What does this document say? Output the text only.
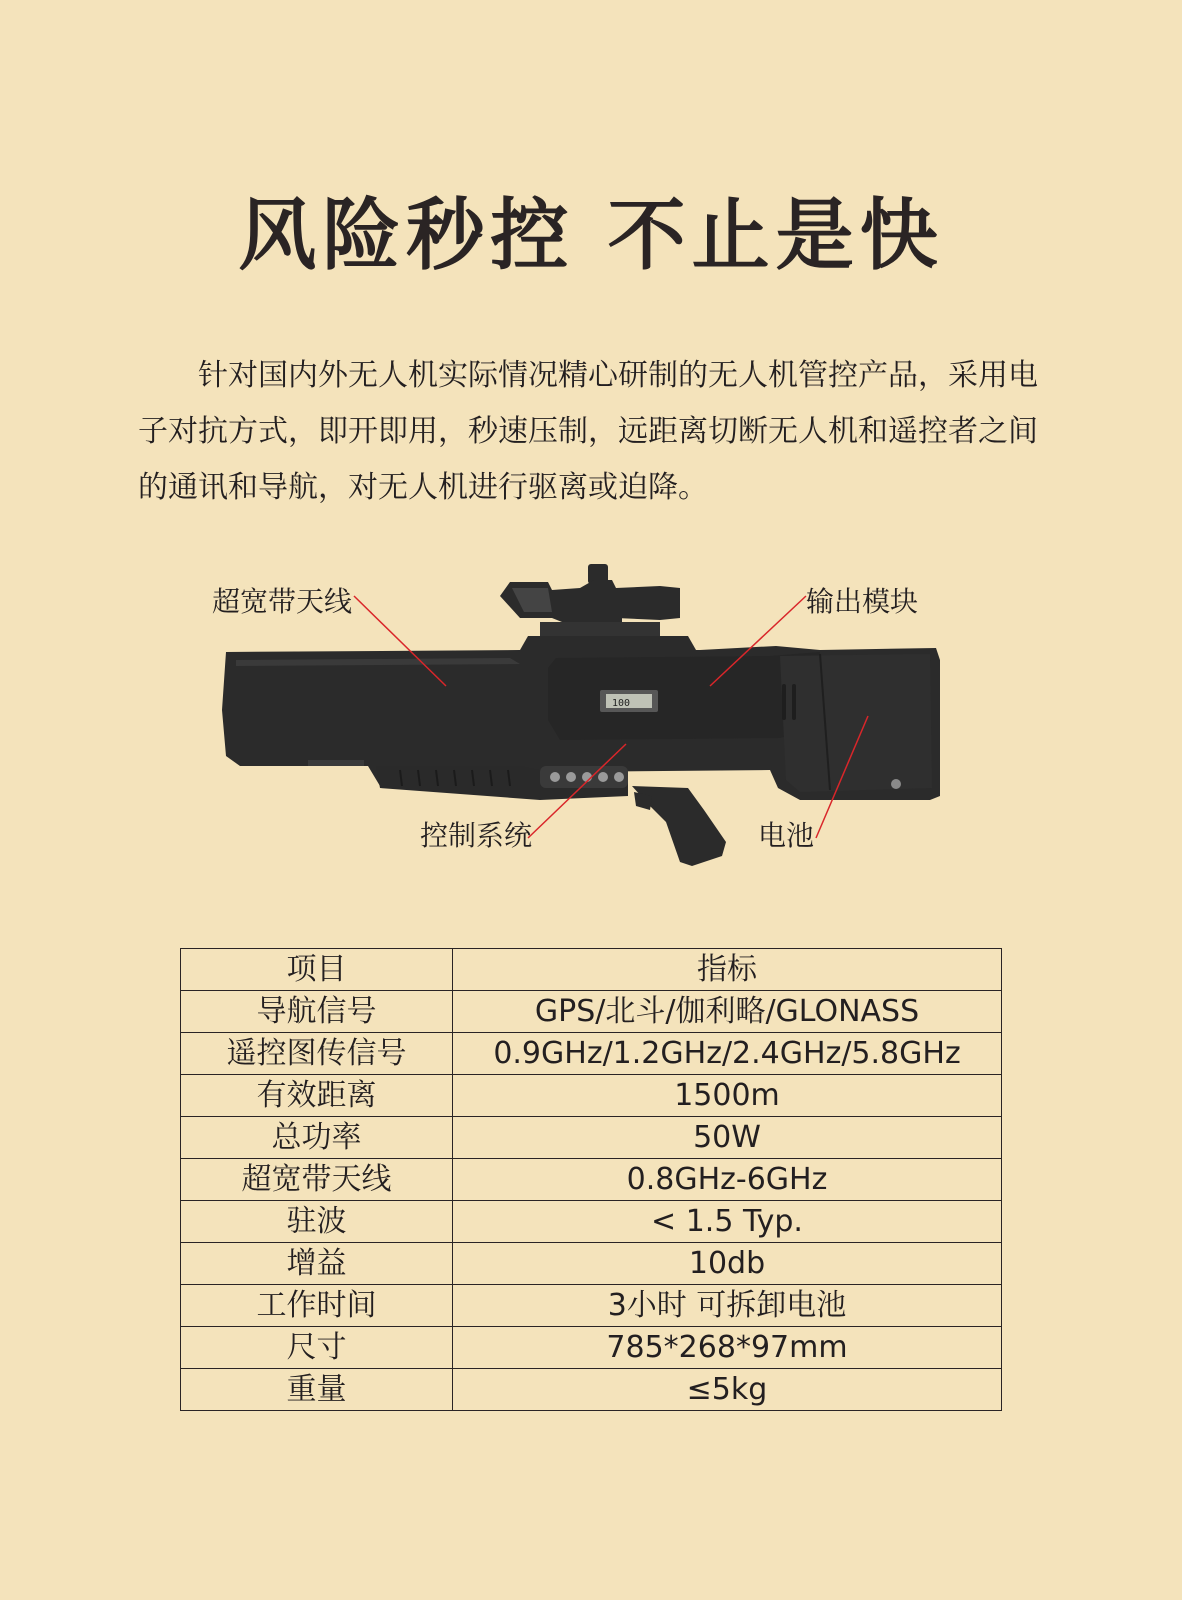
风险秒控 不止是快

针对国内外无人机实际情况精心研制的无人机管控产品，采用电子对抗方式，即开即用，秒速压制，远距离切断无人机和遥控者之间的通讯和导航，对无人机进行驱离或迫降。

100
超宽带天线	输出模块
控制系统	电池
项目	指标
导航信号	GPS/北斗/伽利略/GLONASS
遥控图传信号	0.9GHz/1.2GHz/2.4GHz/5.8GHz
有效距离	1500m
总功率	50W
超宽带天线	0.8GHz-6GHz
驻波	< 1.5 Typ.
增益	10db
工作时间	3小时 可拆卸电池
尺寸	785*268*97mm
重量	≤5kg
